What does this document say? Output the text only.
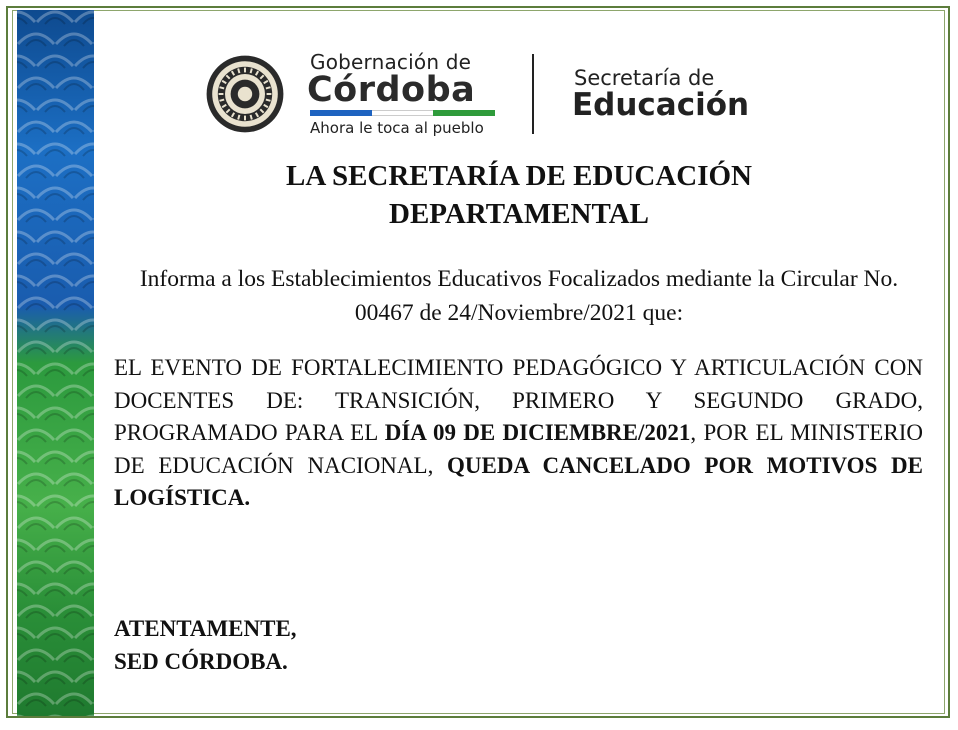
Gobernación de
Córdoba
Ahora le toca al pueblo
Secretaría de
Educación
LA SECRETARÍA DE EDUCACIÓN
DEPARTAMENTAL
Informa a los Establecimientos Educativos Focalizados mediante la Circular No. 00467 de 24/Noviembre/2021 que:
EL EVENTO DE FORTALECIMIENTO PEDAGÓGICO Y ARTICULACIÓN CON DOCENTES DE: TRANSICIÓN, PRIMERO Y SEGUNDO GRADO, PROGRAMADO PARA EL DÍA 09 DE DICIEMBRE/2021, POR EL MINISTERIO DE EDUCACIÓN NACIONAL, QUEDA CANCELADO POR MOTIVOS DE LOGÍSTICA.
ATENTAMENTE,
SED CÓRDOBA.
